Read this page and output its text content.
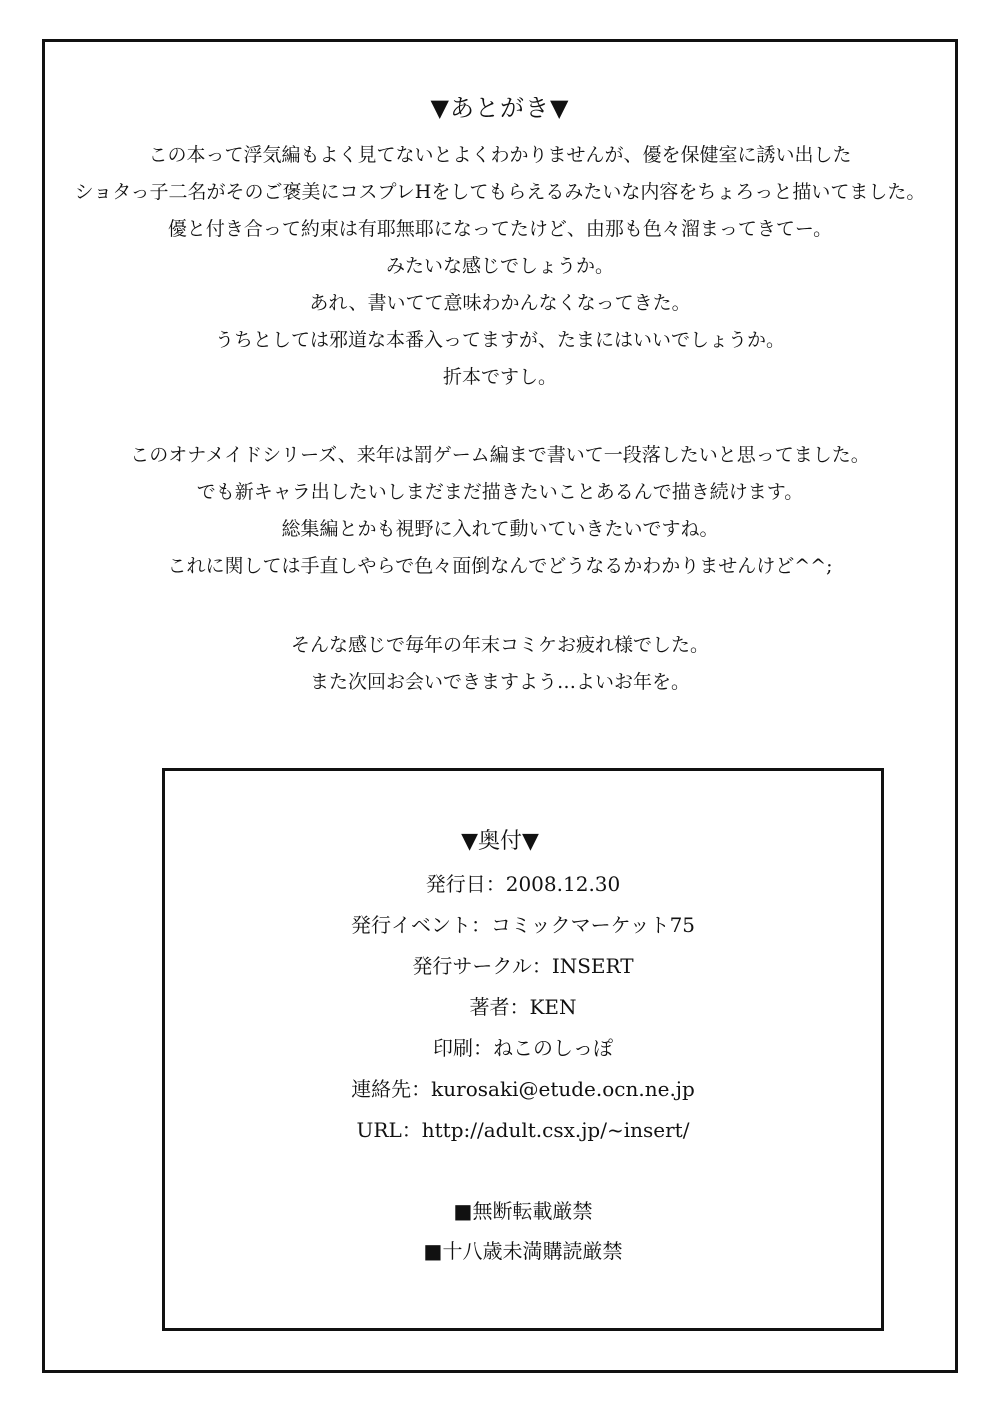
▼あとがき▼
この本って浮気編もよく見てないとよくわかりませんが、優を保健室に誘い出した
ショタっ子二名がそのご褒美にコスプレHをしてもらえるみたいな内容をちょろっと描いてました。
優と付き合って約束は有耶無耶になってたけど、由那も色々溜まってきてー。
みたいな感じでしょうか。
あれ、書いてて意味わかんなくなってきた。
うちとしては邪道な本番入ってますが、たまにはいいでしょうか。
折本ですし。
このオナメイドシリーズ、来年は罰ゲーム編まで書いて一段落したいと思ってました。
でも新キャラ出したいしまだまだ描きたいことあるんで描き続けます。
総集編とかも視野に入れて動いていきたいですね。
これに関しては手直しやらで色々面倒なんでどうなるかわかりませんけど^^;
そんな感じで毎年の年末コミケお疲れ様でした。
また次回お会いできますよう…よいお年を。
▼奥付▼
発行日：2008.12.30
発行イベント：コミックマーケット75
発行サークル：INSERT
著者：KEN
印刷：ねこのしっぽ
連絡先：kurosaki@etude.ocn.ne.jp
URL：http://adult.csx.jp/~insert/
■無断転載厳禁
■十八歳未満購読厳禁
